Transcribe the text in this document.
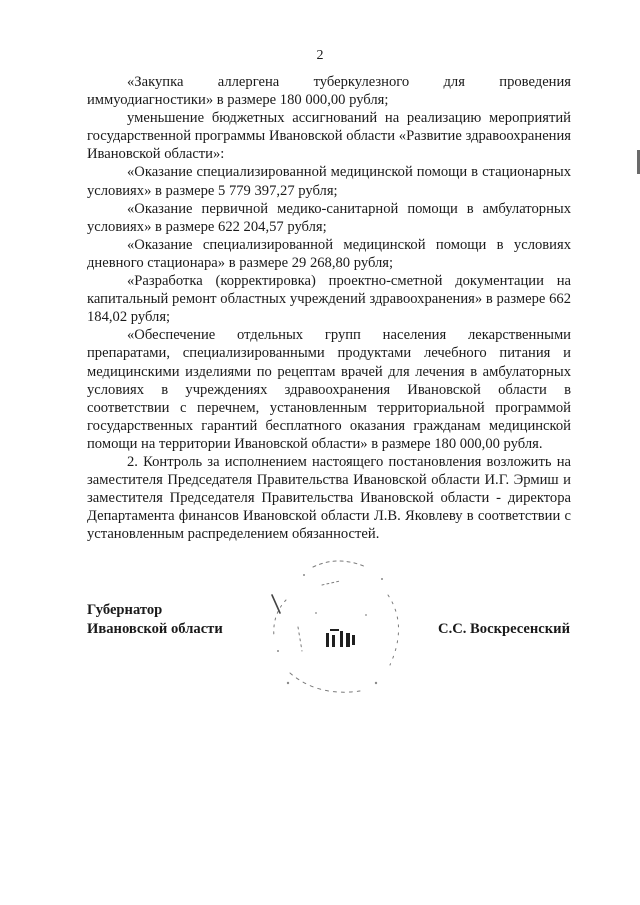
2

«Закупка аллергена туберкулезного для проведения иммуодиагностики» в размере 180 000,00 рубля;

уменьшение бюджетных ассигнований на реализацию мероприятий государственной программы Ивановской области «Развитие здравоохранения Ивановской области»:

«Оказание специализированной медицинской помощи в стационарных условиях» в размере 5 779 397,27 рубля;

«Оказание первичной медико-санитарной помощи в амбулаторных условиях» в размере 622 204,57 рубля;

«Оказание специализированной медицинской помощи в условиях дневного стационара» в размере 29 268,80 рубля;

«Разработка (корректировка) проектно-сметной документации на капитальный ремонт областных учреждений здравоохранения» в размере 662 184,02 рубля;

«Обеспечение отдельных групп населения лекарственными препаратами, специализированными продуктами лечебного питания и медицинскими изделиями по рецептам врачей для лечения в амбулаторных условиях в учреждениях здравоохранения Ивановской области в соответствии с перечнем, установленным территориальной программой государственных гарантий бесплатного оказания гражданам медицинской помощи на территории Ивановской области» в размере 180 000,00 рубля.

2. Контроль за исполнением настоящего постановления возложить на заместителя Председателя Правительства Ивановской области И.Г. Эрмиш и заместителя Председателя Правительства Ивановской области - директора Департамента финансов Ивановской области Л.В. Яковлеву в соответствии с установленным распределением обязанностей.

Губернатор
Ивановской области	С.С. Воскресенский
